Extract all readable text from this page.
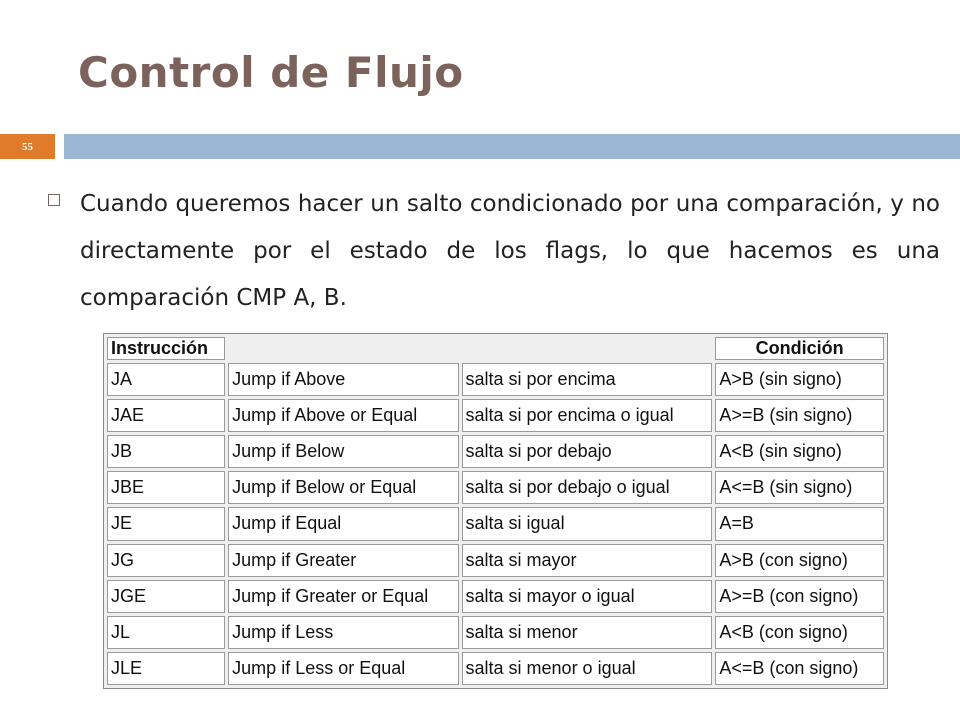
Control de Flujo
55
Cuando queremos hacer un salto condicionado por una comparación, y no directamente por el estado de los flags, lo que hacemos es una comparación CMP A, B.
Instrucción			Condición
JA	Jump if Above	salta si por encima	A>B (sin signo)
JAE	Jump if Above or Equal	salta si por encima o igual	A>=B (sin signo)
JB	Jump if Below	salta si por debajo	A<B (sin signo)
JBE	Jump if Below or Equal	salta si por debajo o igual	A<=B (sin signo)
JE	Jump if Equal	salta si igual	A=B
JG	Jump if Greater	salta si mayor	A>B (con signo)
JGE	Jump if Greater or Equal	salta si mayor o igual	A>=B (con signo)
JL	Jump if Less	salta si menor	A<B (con signo)
JLE	Jump if Less or Equal	salta si menor o igual	A<=B (con signo)
